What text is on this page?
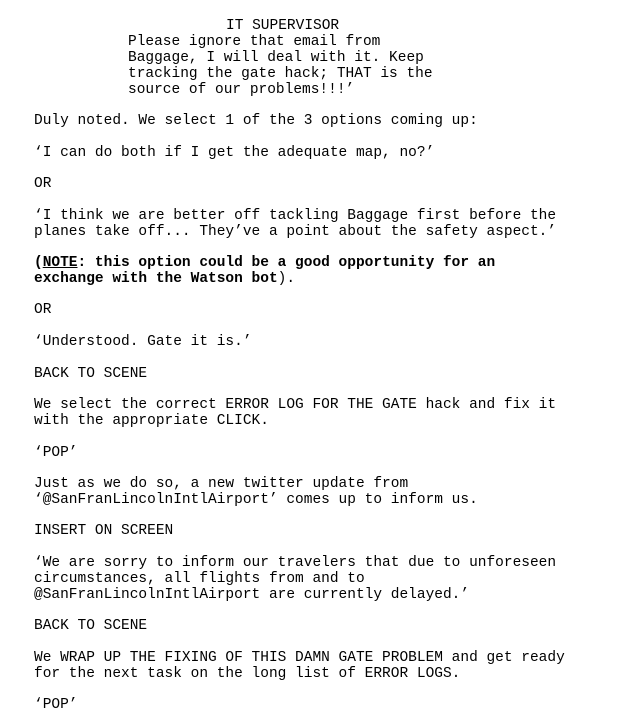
IT SUPERVISOR
Please ignore that email from
Baggage, I will deal with it. Keep
tracking the gate hack; THAT is the
source of our problems!!!’
Duly noted. We select 1 of the 3 options coming up:
‘I can do both if I get the adequate map, no?’
OR
‘I think we are better off tackling Baggage first before the
planes take off... They’ve a point about the safety aspect.’
(NOTE: this option could be a good opportunity for an
exchange with the Watson bot).
OR
‘Understood. Gate it is.’
BACK TO SCENE
We select the correct ERROR LOG FOR THE GATE hack and fix it
with the appropriate CLICK.
‘POP’
Just as we do so, a new twitter update from
‘@SanFranLincolnIntlAirport’ comes up to inform us.
INSERT ON SCREEN
‘We are sorry to inform our travelers that due to unforeseen
circumstances, all flights from and to
@SanFranLincolnIntlAirport are currently delayed.’
BACK TO SCENE
We WRAP UP THE FIXING OF THIS DAMN GATE PROBLEM and get ready
for the next task on the long list of ERROR LOGS.
‘POP’
